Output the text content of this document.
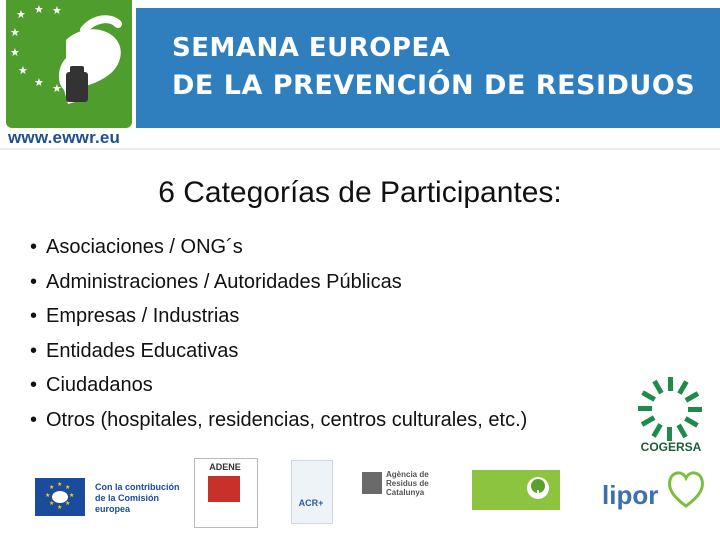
★ ★ ★
★
★
★
★ ★
www.ewwr.eu
SEMANA EUROPEA
DE LA PREVENCIÓN DE RESIDUOS
6 Categorías de Participantes:
• Asociaciones / ONG´s
• Administraciones / Autoridades Públicas
• Empresas / Industrias
• Entidades Educativas
• Ciudadanos
• Otros (hospitales, residencias, centros culturales, etc.)
COGERSA
★ ★
★
★
★
★
★
★	Con la contribución
de la Comisión
europea
ADENE
ACR+
Agència de
Residus de
Catalunya	lipor
